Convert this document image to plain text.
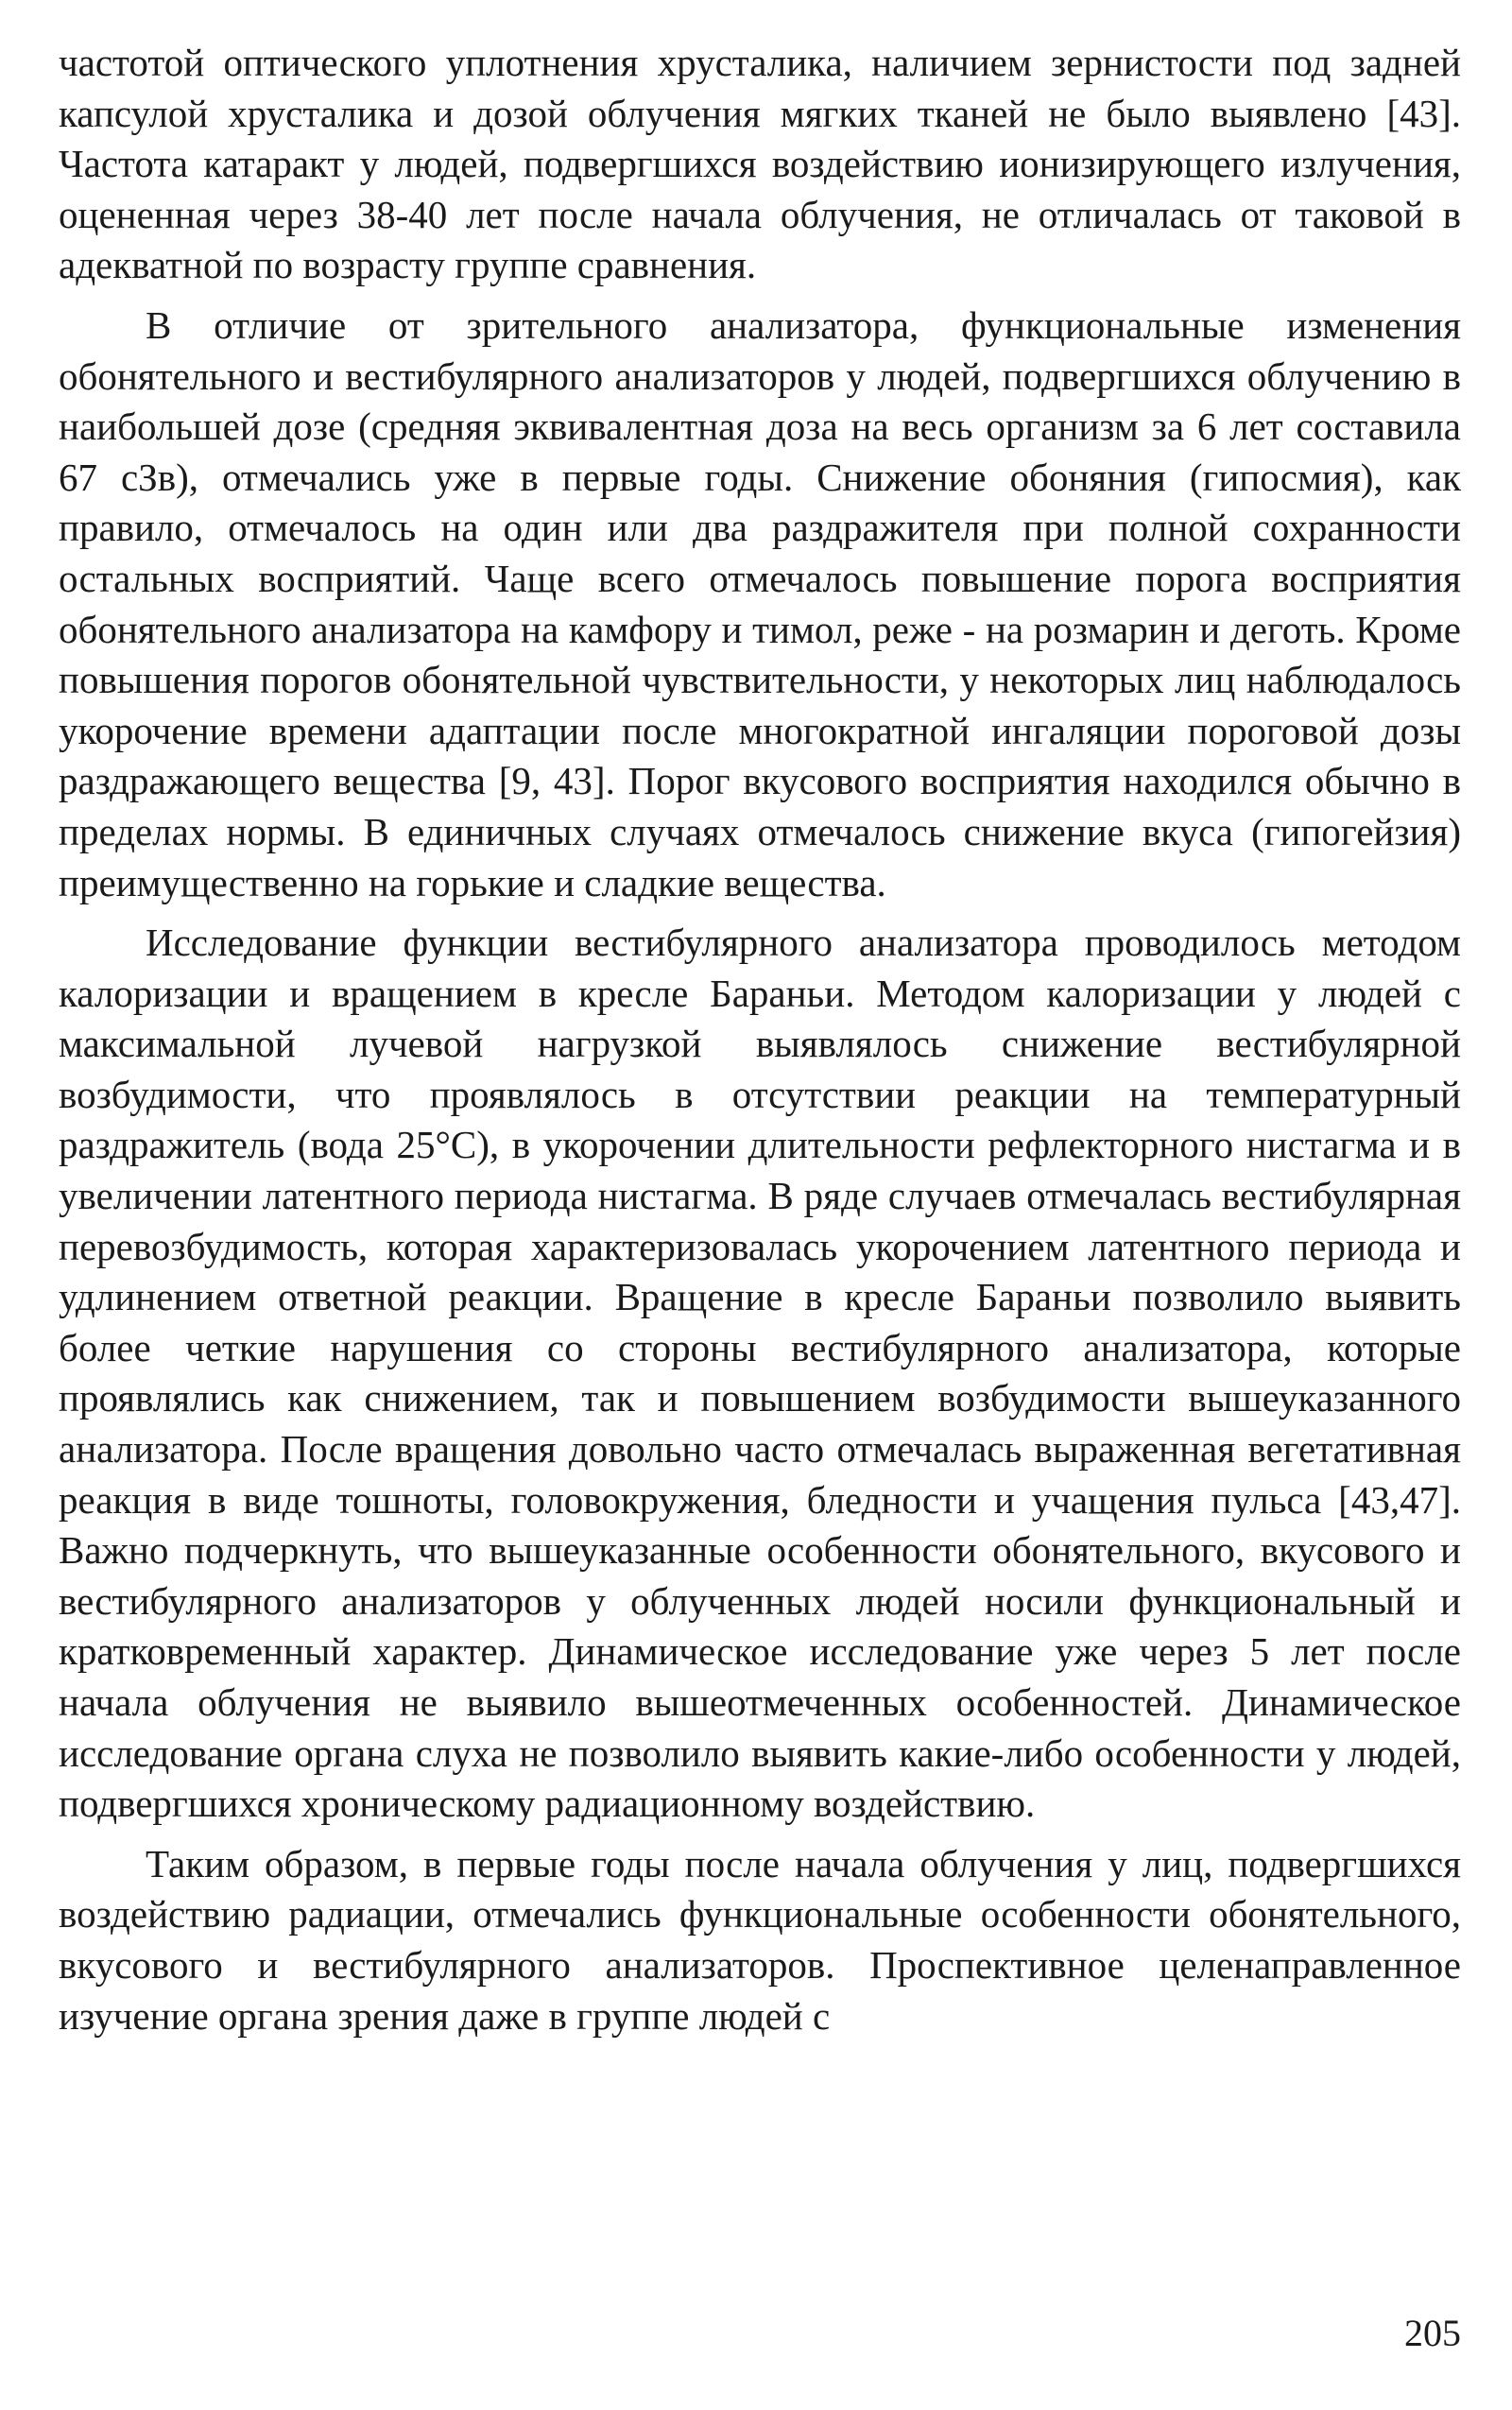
частотой оптического уплотнения хрусталика, наличием зернистости под задней капсулой хрусталика и дозой облучения мягких тканей не было выявлено [43]. Частота катаракт у людей, подвергшихся воздействию ионизирующего излучения, оцененная через 38-40 лет после начала облучения, не отличалась от таковой в адекватной по возрасту группе сравнения.

В отличие от зрительного анализатора, функциональные изменения обонятельного и вестибулярного анализаторов у людей, подвергшихся облучению в наибольшей дозе (средняя эквивалентная доза на весь организм за 6 лет составила 67 сЗв), отмечались уже в первые годы. Снижение обоняния (гипосмия), как правило, отмечалось на один или два раздражителя при полной сохранности остальных восприятий. Чаще всего отмечалось повышение порога восприятия обонятельного анализатора на камфору и тимол, реже - на розмарин и деготь. Кроме повышения порогов обонятельной чувствительности, у некоторых лиц наблюдалось укорочение времени адаптации после многократной ингаляции пороговой дозы раздражающего вещества [9, 43]. Порог вкусового восприятия находился обычно в пределах нормы. В единичных случаях отмечалось снижение вкуса (гипогейзия) преимущественно на горькие и сладкие вещества.

Исследование функции вестибулярного анализатора проводилось методом калоризации и вращением в кресле Бараньи. Методом калоризации у людей с максимальной лучевой нагрузкой выявлялось снижение вестибулярной возбудимости, что проявлялось в отсутствии реакции на температурный раздражитель (вода 25°С), в укорочении длительности рефлекторного нистагма и в увеличении латентного периода нистагма. В ряде случаев отмечалась вестибулярная перевозбудимость, которая характеризовалась укорочением латентного периода и удлинением ответной реакции. Вращение в кресле Бараньи позволило выявить более четкие нарушения со стороны вестибулярного анализатора, которые проявлялись как снижением, так и повышением возбудимости вышеуказанного анализатора. После вращения довольно часто отмечалась выраженная вегетативная реакция в виде тошноты, головокружения, бледности и учащения пульса [43,47]. Важно подчеркнуть, что вышеуказанные особенности обонятельного, вкусового и вестибулярного анализаторов у облученных людей носили функциональный и кратковременный характер. Динамическое исследование уже через 5 лет после начала облучения не выявило вышеотмеченных особенностей. Динамическое исследование органа слуха не позволило выявить какие-либо особенности у людей, подвергшихся хроническому радиационному воздействию.

Таким образом, в первые годы после начала облучения у лиц, подвергшихся воздействию радиации, отмечались функциональные особенности обонятельного, вкусового и вестибулярного анализаторов. Проспективное целенаправленное изучение органа зрения даже в группе людей с

205
